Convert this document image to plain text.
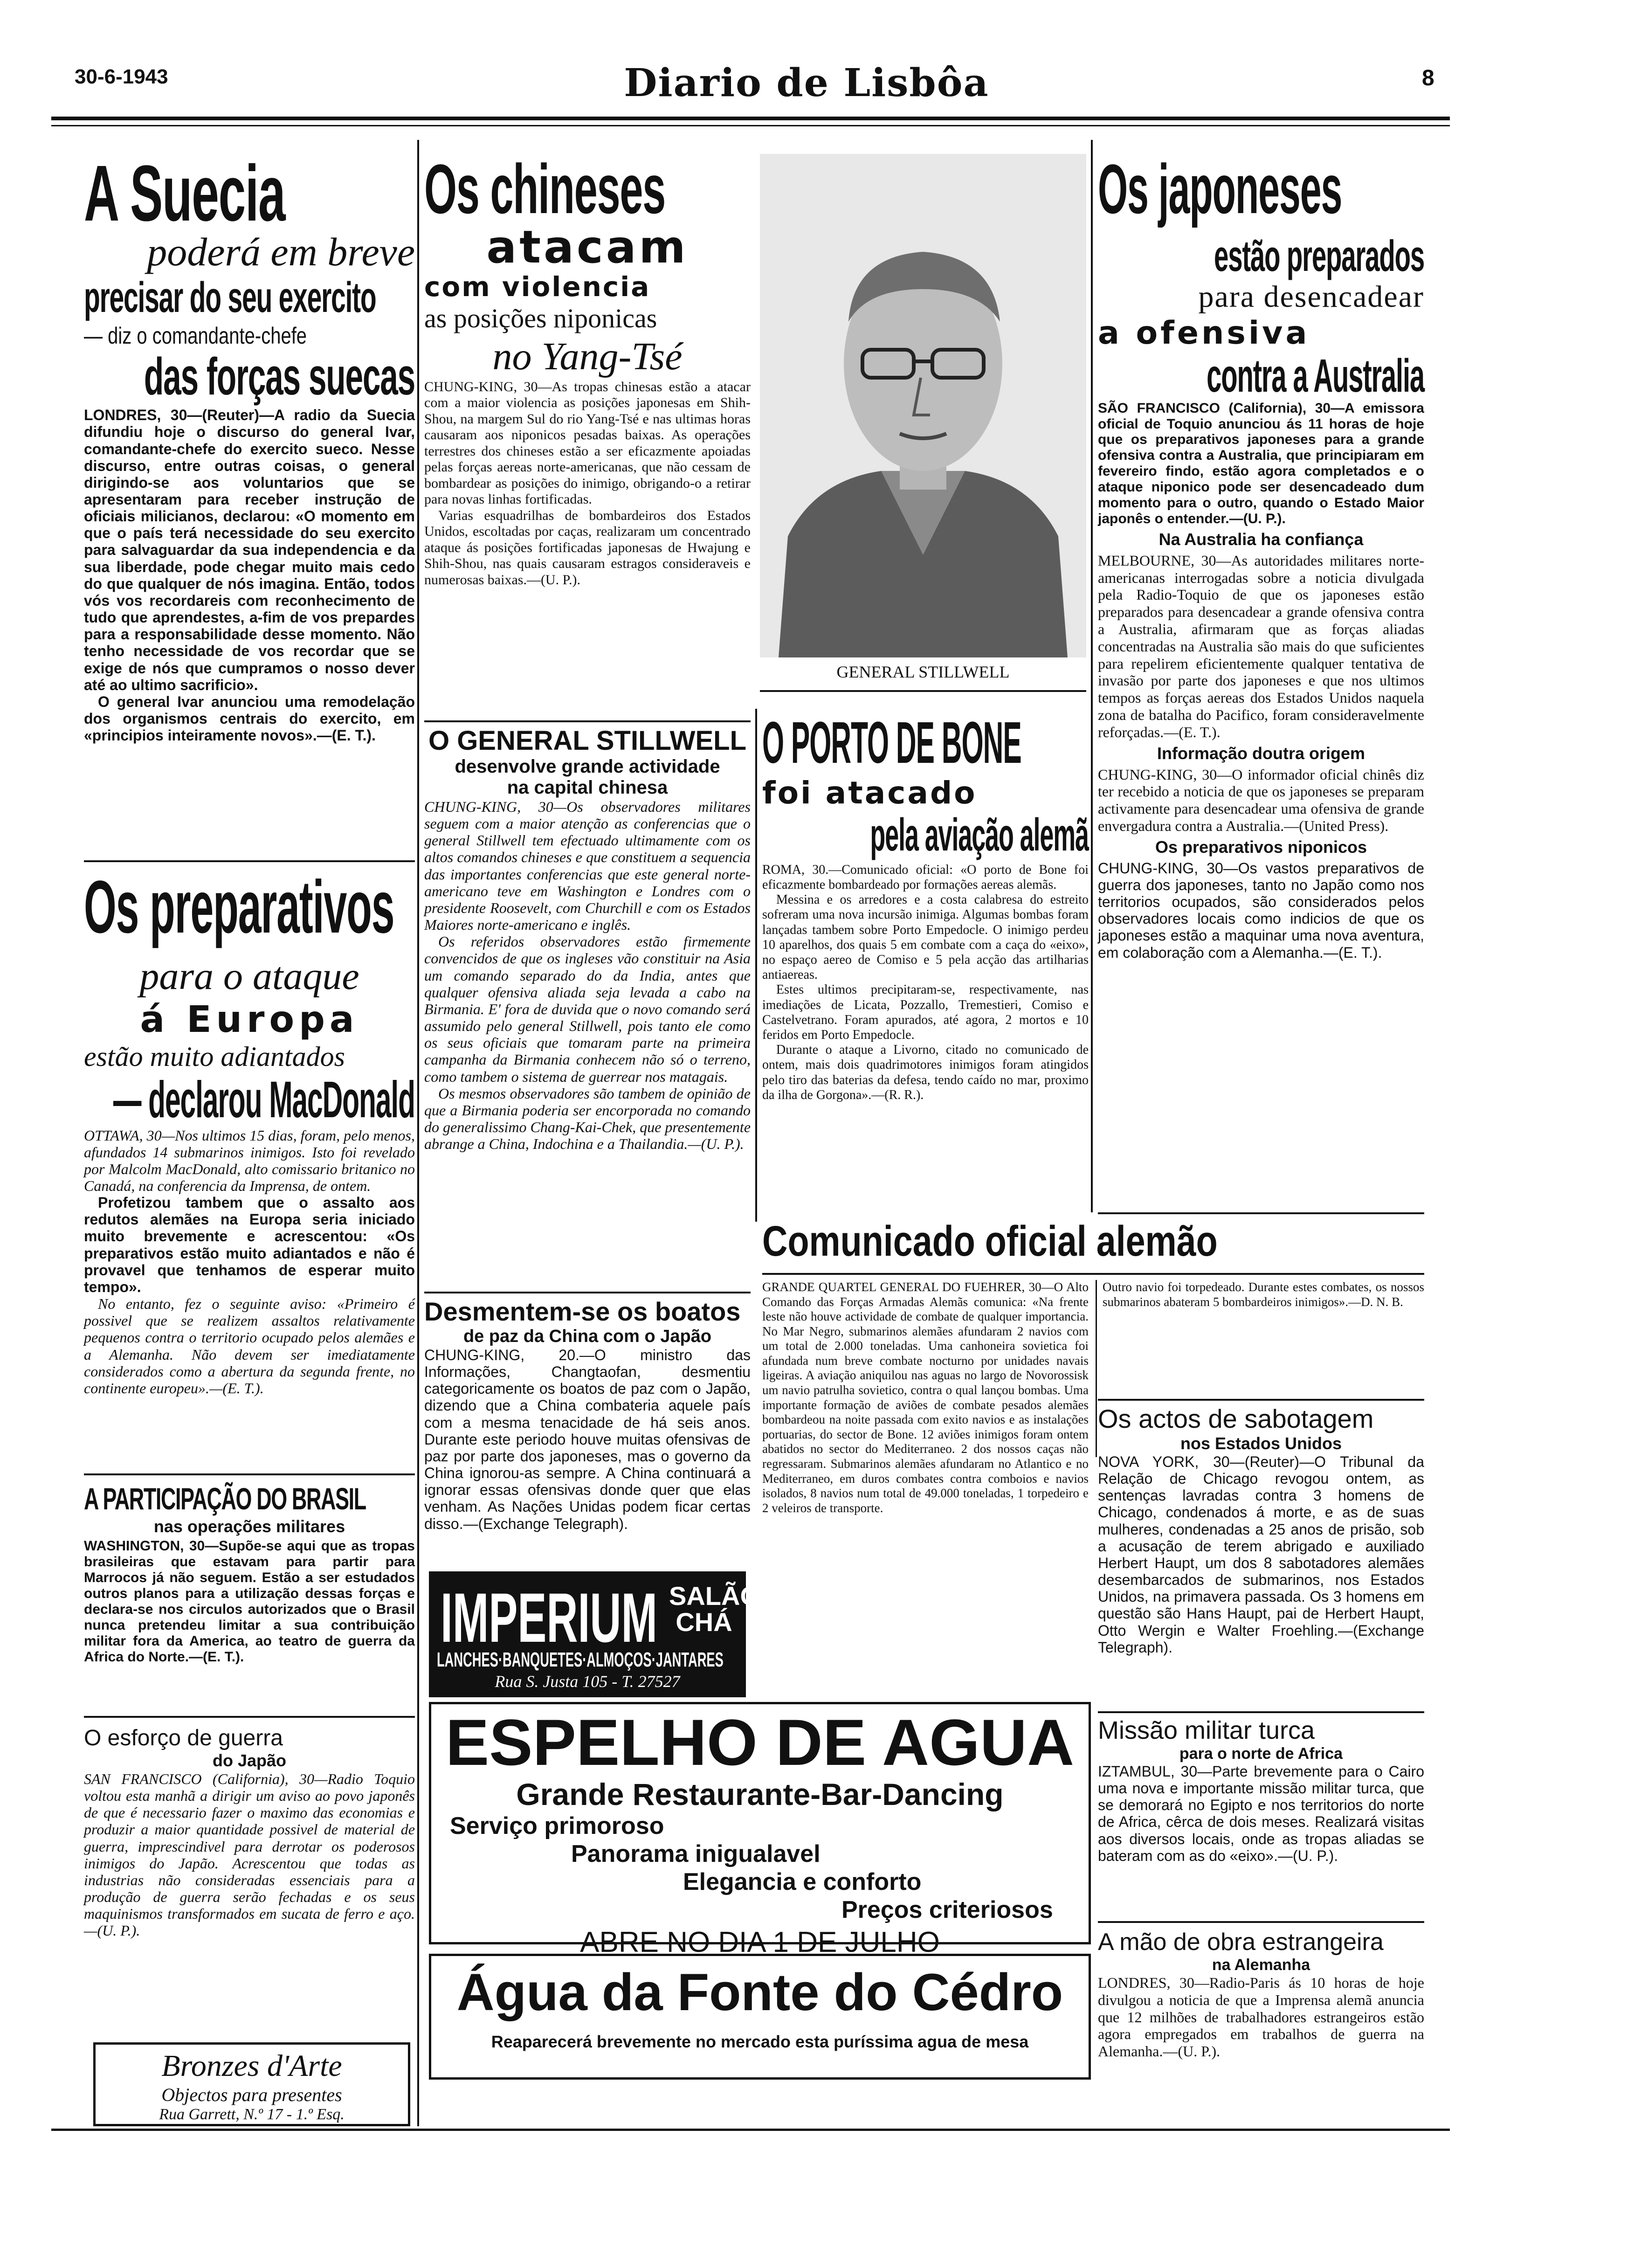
30-6-1943	Diario de Lisbôa	8
A Suecia
poderá em breve
precisar do seu exercito
— diz o comandante-chefe
das forças suecas

LONDRES, 30—(Reuter)—A radio da Suecia difundiu hoje o discurso do general Ivar, comandante-chefe do exercito sueco. Nesse discurso, entre outras coisas, o general dirigindo-se aos voluntarios que se apresentaram para receber instrução de oficiais milicianos, declarou: «O momento em que o país terá necessidade do seu exercito para salvaguardar da sua independencia e da sua liberdade, pode chegar muito mais cedo do que qualquer de nós imagina. Então, todos vós vos recordareis com reconhecimento de tudo que aprendestes, a-fim de vos prepardes para a responsabilidade desse momento. Não tenho necessidade de vos recordar que se exige de nós que cumpramos o nosso dever até ao ultimo sacrificio».

O general Ivar anunciou uma remodelação dos organismos centrais do exercito, em «principios inteiramente novos».—(E. T.).

Os preparativos
para o ataque
á Europa
estão muito adiantados
— declarou MacDonald

OTTAWA, 30—Nos ultimos 15 dias, foram, pelo menos, afundados 14 submarinos inimigos. Isto foi revelado por Malcolm MacDonald, alto comissario britanico no Canadá, na conferencia da Imprensa, de ontem.

Profetizou tambem que o assalto aos redutos alemães na Europa seria iniciado muito brevemente e acrescentou: «Os preparativos estão muito adiantados e não é provavel que tenhamos de esperar muito tempo».

No entanto, fez o seguinte aviso: «Primeiro é possivel que se realizem assaltos relativamente pequenos contra o territorio ocupado pelos alemães e a Alemanha. Não devem ser imediatamente considerados como a abertura da segunda frente, no continente europeu».—(E. T.).

A PARTICIPAÇÃO DO BRASIL
nas operações militares

WASHINGTON, 30—Supõe-se aqui que as tropas brasileiras que estavam para partir para Marrocos já não seguem. Estão a ser estudados outros planos para a utilização dessas forças e declara-se nos circulos autorizados que o Brasil nunca pretendeu limitar a sua contribuição militar fora da America, ao teatro de guerra da Africa do Norte.—(E. T.).

O esforço de guerra
do Japão

SAN FRANCISCO (California), 30—Radio Toquio voltou esta manhã a dirigir um aviso ao povo japonês de que é necessario fazer o maximo das economias e produzir a maior quantidade possivel de material de guerra, imprescindivel para derrotar os poderosos inimigos do Japão. Acrescentou que todas as industrias não consideradas essenciais para a produção de guerra serão fechadas e os seus maquinismos transformados em sucata de ferro e aço.—(U. P.).

Bronzes d'Arte
Objectos para presentes
Rua Garrett, N.º 17 - 1.º Esq.
Os chineses
atacam
com violencia
as posições niponicas
no Yang-Tsé

CHUNG-KING, 30—As tropas chinesas estão a atacar com a maior violencia as posições japonesas em Shih-Shou, na margem Sul do rio Yang-Tsé e nas ultimas horas causaram aos niponicos pesadas baixas. As operações terrestres dos chineses estão a ser eficazmente apoiadas pelas forças aereas norte-americanas, que não cessam de bombardear as posições do inimigo, obrigando-o a retirar para novas linhas fortificadas.

Varias esquadrilhas de bombardeiros dos Estados Unidos, escoltadas por caças, realizaram um concentrado ataque ás posições fortificadas japonesas de Hwajung e Shih-Shou, nas quais causaram estragos consideraveis e numerosas baixas.—(U. P.).

O GENERAL STILLWELL
desenvolve grande actividade
na capital chinesa

CHUNG-KING, 30—Os observadores militares seguem com a maior atenção as conferencias que o general Stillwell tem efectuado ultimamente com os altos comandos chineses e que constituem a sequencia das importantes conferencias que este general norte-americano teve em Washington e Londres com o presidente Roosevelt, com Churchill e com os Estados Maiores norte-americano e inglês.

Os referidos observadores estão firmemente convencidos de que os ingleses vão constituir na Asia um comando separado do da India, antes que qualquer ofensiva aliada seja levada a cabo na Birmania. E' fora de duvida que o novo comando será assumido pelo general Stillwell, pois tanto ele como os seus oficiais que tomaram parte na primeira campanha da Birmania conhecem não só o terreno, como tambem o sistema de guerrear nos matagais.

Os mesmos observadores são tambem de opinião de que a Birmania poderia ser encorporada no comando do generalissimo Chang-Kai-Chek, que presentemente abrange a China, Indochina e a Thailandia.—(U. P.).

Desmentem-se os boatos
de paz da China com o Japão

CHUNG-KING, 20.—O ministro das Informações, Changtaofan, desmentiu categoricamente os boatos de paz com o Japão, dizendo que a China combateria aquele país com a mesma tenacidade de há seis anos. Durante este periodo houve muitas ofensivas de paz por parte dos japoneses, mas o governo da China ignorou-as sempre. A China continuará a ignorar essas ofensivas donde quer que elas venham. As Nações Unidas podem ficar certas disso.—(Exchange Telegraph).

IMPERIUM SALÃO
CHÁ
LANCHES·BANQUETES·ALMOÇOS·JANTARES
Rua S. Justa 105 - T. 27527
GENERAL STILLWELL
O PORTO DE BONE
foi atacado
pela aviação alemã

ROMA, 30.—Comunicado oficial: «O porto de Bone foi eficazmente bombardeado por formações aereas alemãs.

Messina e os arredores e a costa calabresa do estreito sofreram uma nova incursão inimiga. Algumas bombas foram lançadas tambem sobre Porto Empedocle. O inimigo perdeu 10 aparelhos, dos quais 5 em combate com a caça do «eixo», no espaço aereo de Comiso e 5 pela acção das artilharias antiaereas.

Estes ultimos precipitaram-se, respectivamente, nas imediações de Licata, Pozzallo, Tremestieri, Comiso e Castelvetrano. Foram apurados, até agora, 2 mortos e 10 feridos em Porto Empedocle.

Durante o ataque a Livorno, citado no comunicado de ontem, mais dois quadrimotores inimigos foram atingidos pelo tiro das baterias da defesa, tendo caído no mar, proximo da ilha de Gorgona».—(R. R.).

Os japoneses
estão preparados
para desencadear
a ofensiva
contra a Australia

SÃO FRANCISCO (California), 30—A emissora oficial de Toquio anunciou ás 11 horas de hoje que os preparativos japoneses para a grande ofensiva contra a Australia, que principiaram em fevereiro findo, estão agora completados e o ataque niponico pode ser desencadeado dum momento para o outro, quando o Estado Maior japonês o entender.—(U. P.).

Na Australia ha confiança

MELBOURNE, 30—As autoridades militares norte-americanas interrogadas sobre a noticia divulgada pela Radio-Toquio de que os japoneses estão preparados para desencadear a grande ofensiva contra a Australia, afirmaram que as forças aliadas concentradas na Australia são mais do que suficientes para repelirem eficientemente qualquer tentativa de invasão por parte dos japoneses e que nos ultimos tempos as forças aereas dos Estados Unidos naquela zona de batalha do Pacifico, foram consideravelmente reforçadas.—(E. T.).

Informação doutra origem

CHUNG-KING, 30—O informador oficial chinês diz ter recebido a noticia de que os japoneses se preparam activamente para desencadear uma ofensiva de grande envergadura contra a Australia.—(United Press).

Os preparativos niponicos

CHUNG-KING, 30—Os vastos preparativos de guerra dos japoneses, tanto no Japão como nos territorios ocupados, são considerados pelos observadores locais como indicios de que os japoneses estão a maquinar uma nova aventura, em colaboração com a Alemanha.—(E. T.).

Comunicado oficial alemão

GRANDE QUARTEL GENERAL DO FUEHRER, 30—O Alto Comando das Forças Armadas Alemãs comunica: «Na frente leste não houve actividade de combate de qualquer importancia. No Mar Negro, submarinos alemães afundaram 2 navios com um total de 2.000 toneladas. Uma canhoneira sovietica foi afundada num breve combate nocturno por unidades navais ligeiras. A aviação aniquilou nas aguas no largo de Novorossisk um navio patrulha sovietico, contra o qual lançou bombas. Uma importante formação de aviões de combate pesados alemães bombardeou na noite passada com exito navios e as instalações portuarias, do sector de Bone. 12 aviões inimigos foram ontem abatidos no sector do Mediterraneo. 2 dos nossos caças não regressaram. Submarinos alemães afundaram no Atlantico e no Mediterraneo, em duros combates contra comboios e navios isolados, 8 navios num total de 49.000 toneladas, 1 torpedeiro e 2 veleiros de transporte.

Outro navio foi torpedeado. Durante estes combates, os nossos submarinos abateram 5 bombardeiros inimigos».—D. N. B.

Os actos de sabotagem
nos Estados Unidos

NOVA YORK, 30—(Reuter)—O Tribunal da Relação de Chicago revogou ontem, as sentenças lavradas contra 3 homens de Chicago, condenados á morte, e as de suas mulheres, condenadas a 25 anos de prisão, sob a acusação de terem abrigado e auxiliado Herbert Haupt, um dos 8 sabotadores alemães desembarcados de submarinos, nos Estados Unidos, na primavera passada. Os 3 homens em questão são Hans Haupt, pai de Herbert Haupt, Otto Wergin e Walter Froehling.—(Exchange Telegraph).

Missão militar turca
para o norte de Africa

IZTAMBUL, 30—Parte brevemente para o Cairo uma nova e importante missão militar turca, que se demorará no Egipto e nos territorios do norte de Africa, cêrca de dois meses. Realizará visitas aos diversos locais, onde as tropas aliadas se bateram com as do «eixo».—(U. P.).

A mão de obra estrangeira
na Alemanha

LONDRES, 30—Radio-Paris ás 10 horas de hoje divulgou a noticia de que a Imprensa alemã anuncia que 12 milhões de trabalhadores estrangeiros estão agora empregados em trabalhos de guerra na Alemanha.—(U. P.).

ESPELHO DE AGUA
Grande Restaurante-Bar-Dancing
Serviço primoroso
Panorama inigualavel
Elegancia e conforto
Preços criteriosos
ABRE NO DIA 1 DE JULHO
Água da Fonte do Cédro
Reaparecerá brevemente no mercado esta puríssima agua de mesa
